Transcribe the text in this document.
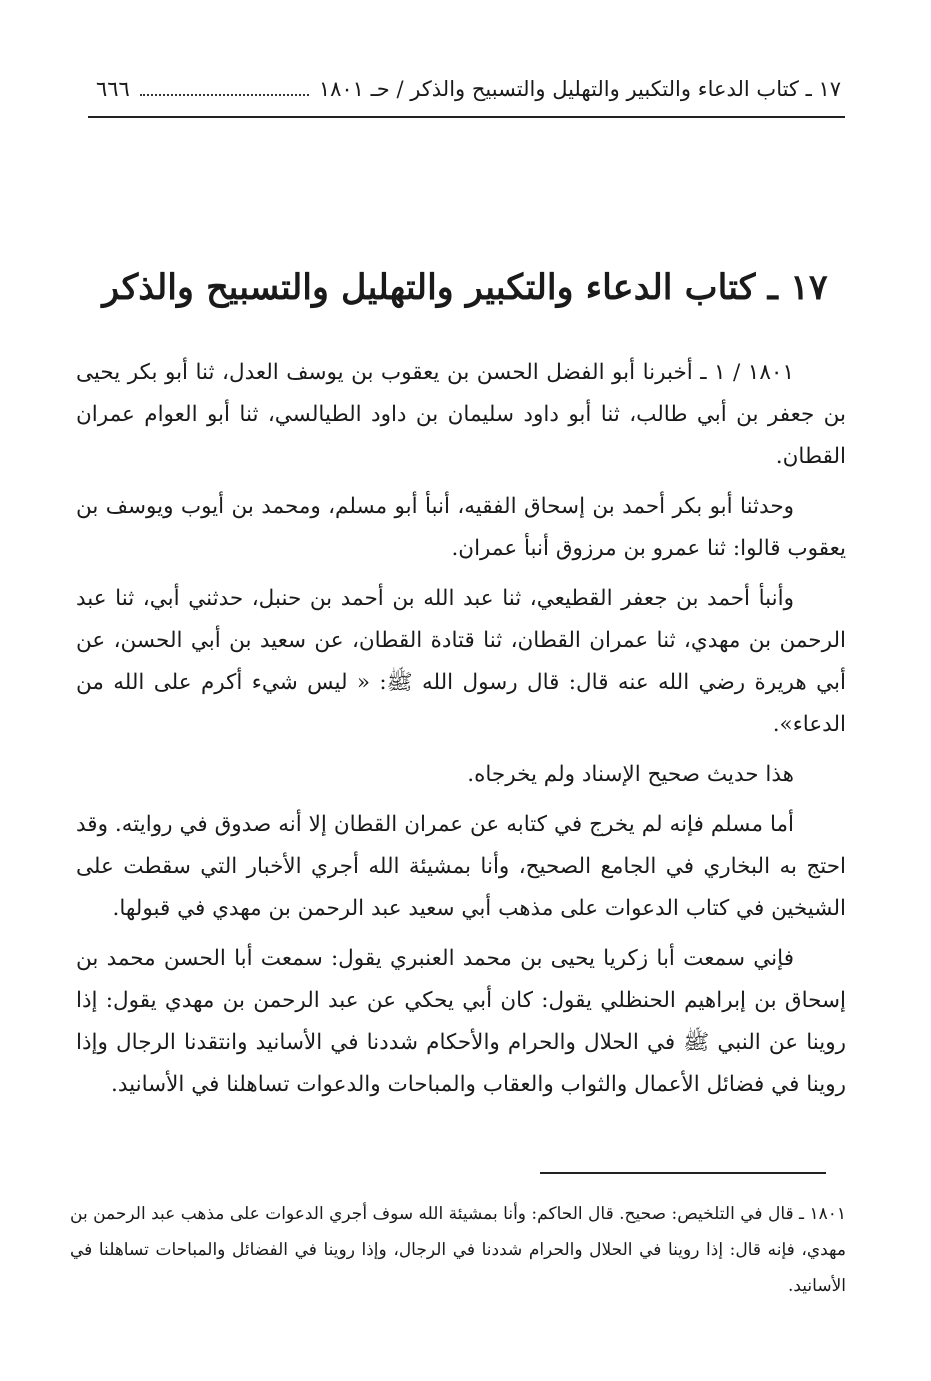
١٧ ـ كتاب الدعاء والتكبير والتهليل والتسبيح والذكر / حـ ١٨٠١
٦٦٦
١٧ ـ كتاب الدعاء والتكبير والتهليل والتسبيح والذكر

١٨٠١ / ١ ـ أخبرنا أبو الفضل الحسن بن يعقوب بن يوسف العدل، ثنا أبو بكر يحيى بن جعفر بن أبي طالب، ثنا أبو داود سليمان بن داود الطيالسي، ثنا أبو العوام عمران القطان.

وحدثنا أبو بكر أحمد بن إسحاق الفقيه، أنبأ أبو مسلم، ومحمد بن أيوب ويوسف بن يعقوب قالوا: ثنا عمرو بن مرزوق أنبأ عمران.

وأنبأ أحمد بن جعفر القطيعي، ثنا عبد الله بن أحمد بن حنبل، حدثني أبي، ثنا عبد الرحمن بن مهدي، ثنا عمران القطان، ثنا قتادة القطان، عن سعيد بن أبي الحسن، عن أبي هريرة رضي الله عنه قال: قال رسول الله ﷺ: « ليس شيء أكرم على الله من الدعاء».

هذا حديث صحيح الإسناد ولم يخرجاه.

أما مسلم فإنه لم يخرج في كتابه عن عمران القطان إلا أنه صدوق في روايته. وقد احتج به البخاري في الجامع الصحيح، وأنا بمشيئة الله أجري الأخبار التي سقطت على الشيخين في كتاب الدعوات على مذهب أبي سعيد عبد الرحمن بن مهدي في قبولها.

فإني سمعت أبا زكريا يحيى بن محمد العنبري يقول: سمعت أبا الحسن محمد بن إسحاق بن إبراهيم الحنظلي يقول: كان أبي يحكي عن عبد الرحمن بن مهدي يقول: إذا روينا عن النبي ﷺ في الحلال والحرام والأحكام شددنا في الأسانيد وانتقدنا الرجال وإذا روينا في فضائل الأعمال والثواب والعقاب والمباحات والدعوات تساهلنا في الأسانيد.

١٨٠١ ـ قال في التلخيص: صحيح. قال الحاكم: وأنا بمشيئة الله سوف أجري الدعوات على مذهب عبد الرحمن بن مهدي، فإنه قال: إذا روينا في الحلال والحرام شددنا في الرجال، وإذا روينا في الفضائل والمباحات تساهلنا في الأسانيد.
